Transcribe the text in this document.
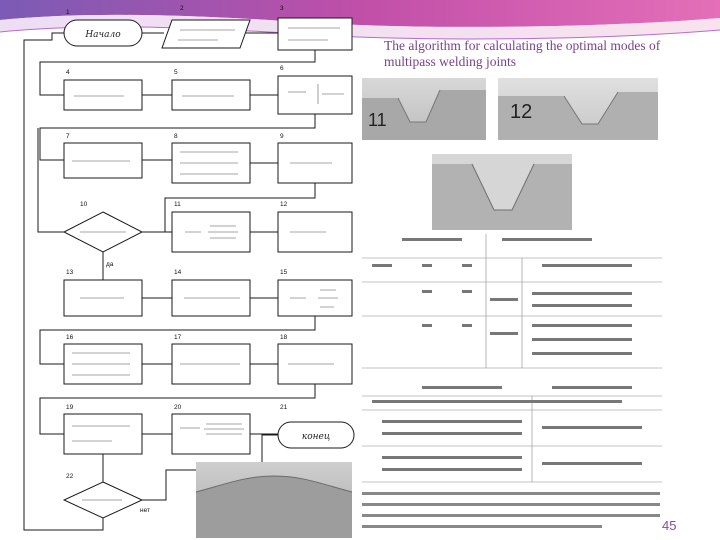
The algorithm for calculating the optimal modes of multipass welding joints
1
2	3
4	5
6
7	8	9
10	11	12
13	14	15
16	17	18
19	20	21
22
Начало
конец
да
нет
11	12
45
